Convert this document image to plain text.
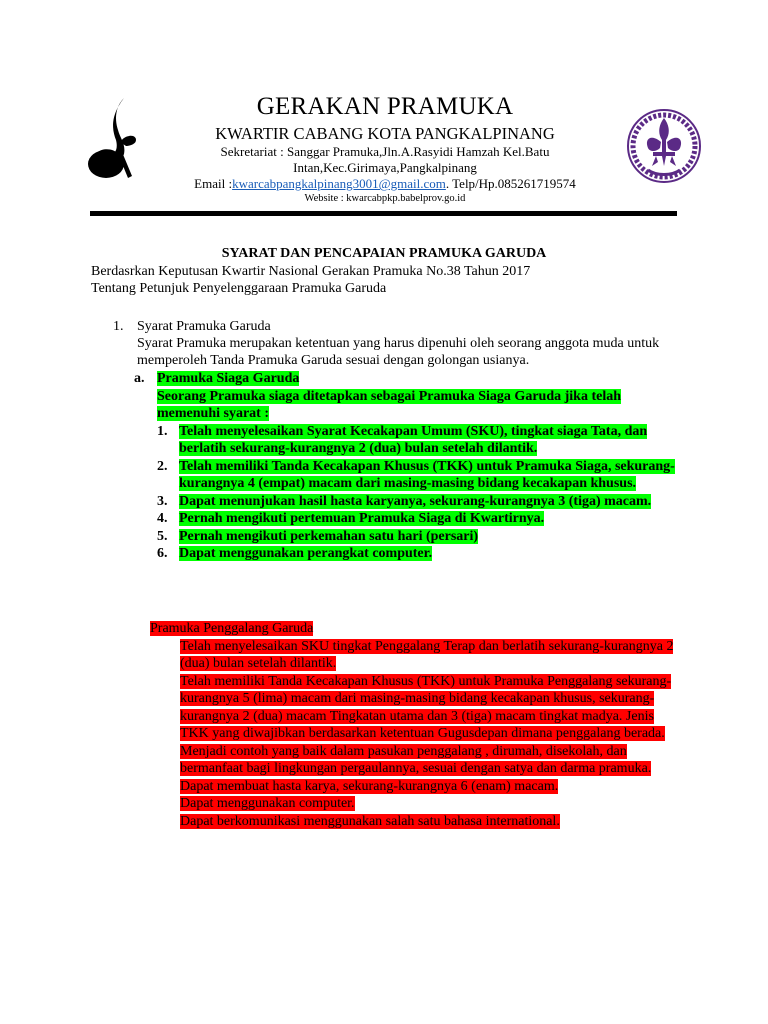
GERAKAN PRAMUKA
KWARTIR CABANG KOTA PANGKALPINANG
Sekretariat : Sanggar Pramuka,Jln.A.Rasyidi Hamzah Kel.Batu
Intan,Kec.Girimaya,Pangkalpinang
Email :kwarcabpangkalpinang3001@gmail.com. Telp/Hp.085261719574
Website : kwarcabpkp.babelprov.go.id
SYARAT DAN PENCAPAIAN PRAMUKA GARUDA
Berdasrkan Keputusan Kwartir Nasional Gerakan Pramuka No.38 Tahun 2017
Tentang Petunjuk Penyelenggaraan Pramuka Garuda
1. Syarat Pramuka Garuda
Syarat Pramuka merupakan ketentuan yang harus dipenuhi oleh seorang anggota muda untuk memperoleh Tanda Pramuka Garuda sesuai dengan golongan usianya.
a. Pramuka Siaga Garuda
Seorang Pramuka siaga ditetapkan sebagai Pramuka Siaga Garuda jika telah memenuhi syarat :
1. Telah menyelesaikan Syarat Kecakapan Umum (SKU), tingkat siaga Tata, dan berlatih sekurang-kurangnya 2 (dua) bulan setelah dilantik.
2. Telah memiliki Tanda Kecakapan Khusus (TKK) untuk Pramuka Siaga, sekurang-kurangnya 4 (empat) macam dari masing-masing bidang kecakapan khusus.
3. Dapat menunjukan hasil hasta karyanya, sekurang-kurangnya 3 (tiga) macam.
4. Pernah mengikuti pertemuan Pramuka Siaga di Kwartirnya.
5. Pernah mengikuti perkemahan satu hari (persari)
6. Dapat menggunakan perangkat computer.
Pramuka Penggalang Garuda
Telah menyelesaikan SKU tingkat Penggalang Terap dan berlatih sekurang-kurangnya 2 (dua) bulan setelah dilantik.
Telah memiliki Tanda Kecakapan Khusus (TKK) untuk Pramuka Penggalang sekurang-kurangnya 5 (lima) macam dari masing-masing bidang kecakapan khusus, sekurang-kurangnya 2 (dua) macam Tingkatan utama dan 3 (tiga) macam tingkat madya. Jenis TKK yang diwajibkan berdasarkan ketentuan Gugusdepan dimana penggalang berada.
Menjadi contoh yang baik dalam pasukan penggalang , dirumah, disekolah, dan bermanfaat bagi lingkungan pergaulannya, sesuai dengan satya dan darma pramuka.
Dapat membuat hasta karya, sekurang-kurangnya 6 (enam) macam.
Dapat menggunakan computer.
Dapat berkomunikasi menggunakan salah satu bahasa international.
